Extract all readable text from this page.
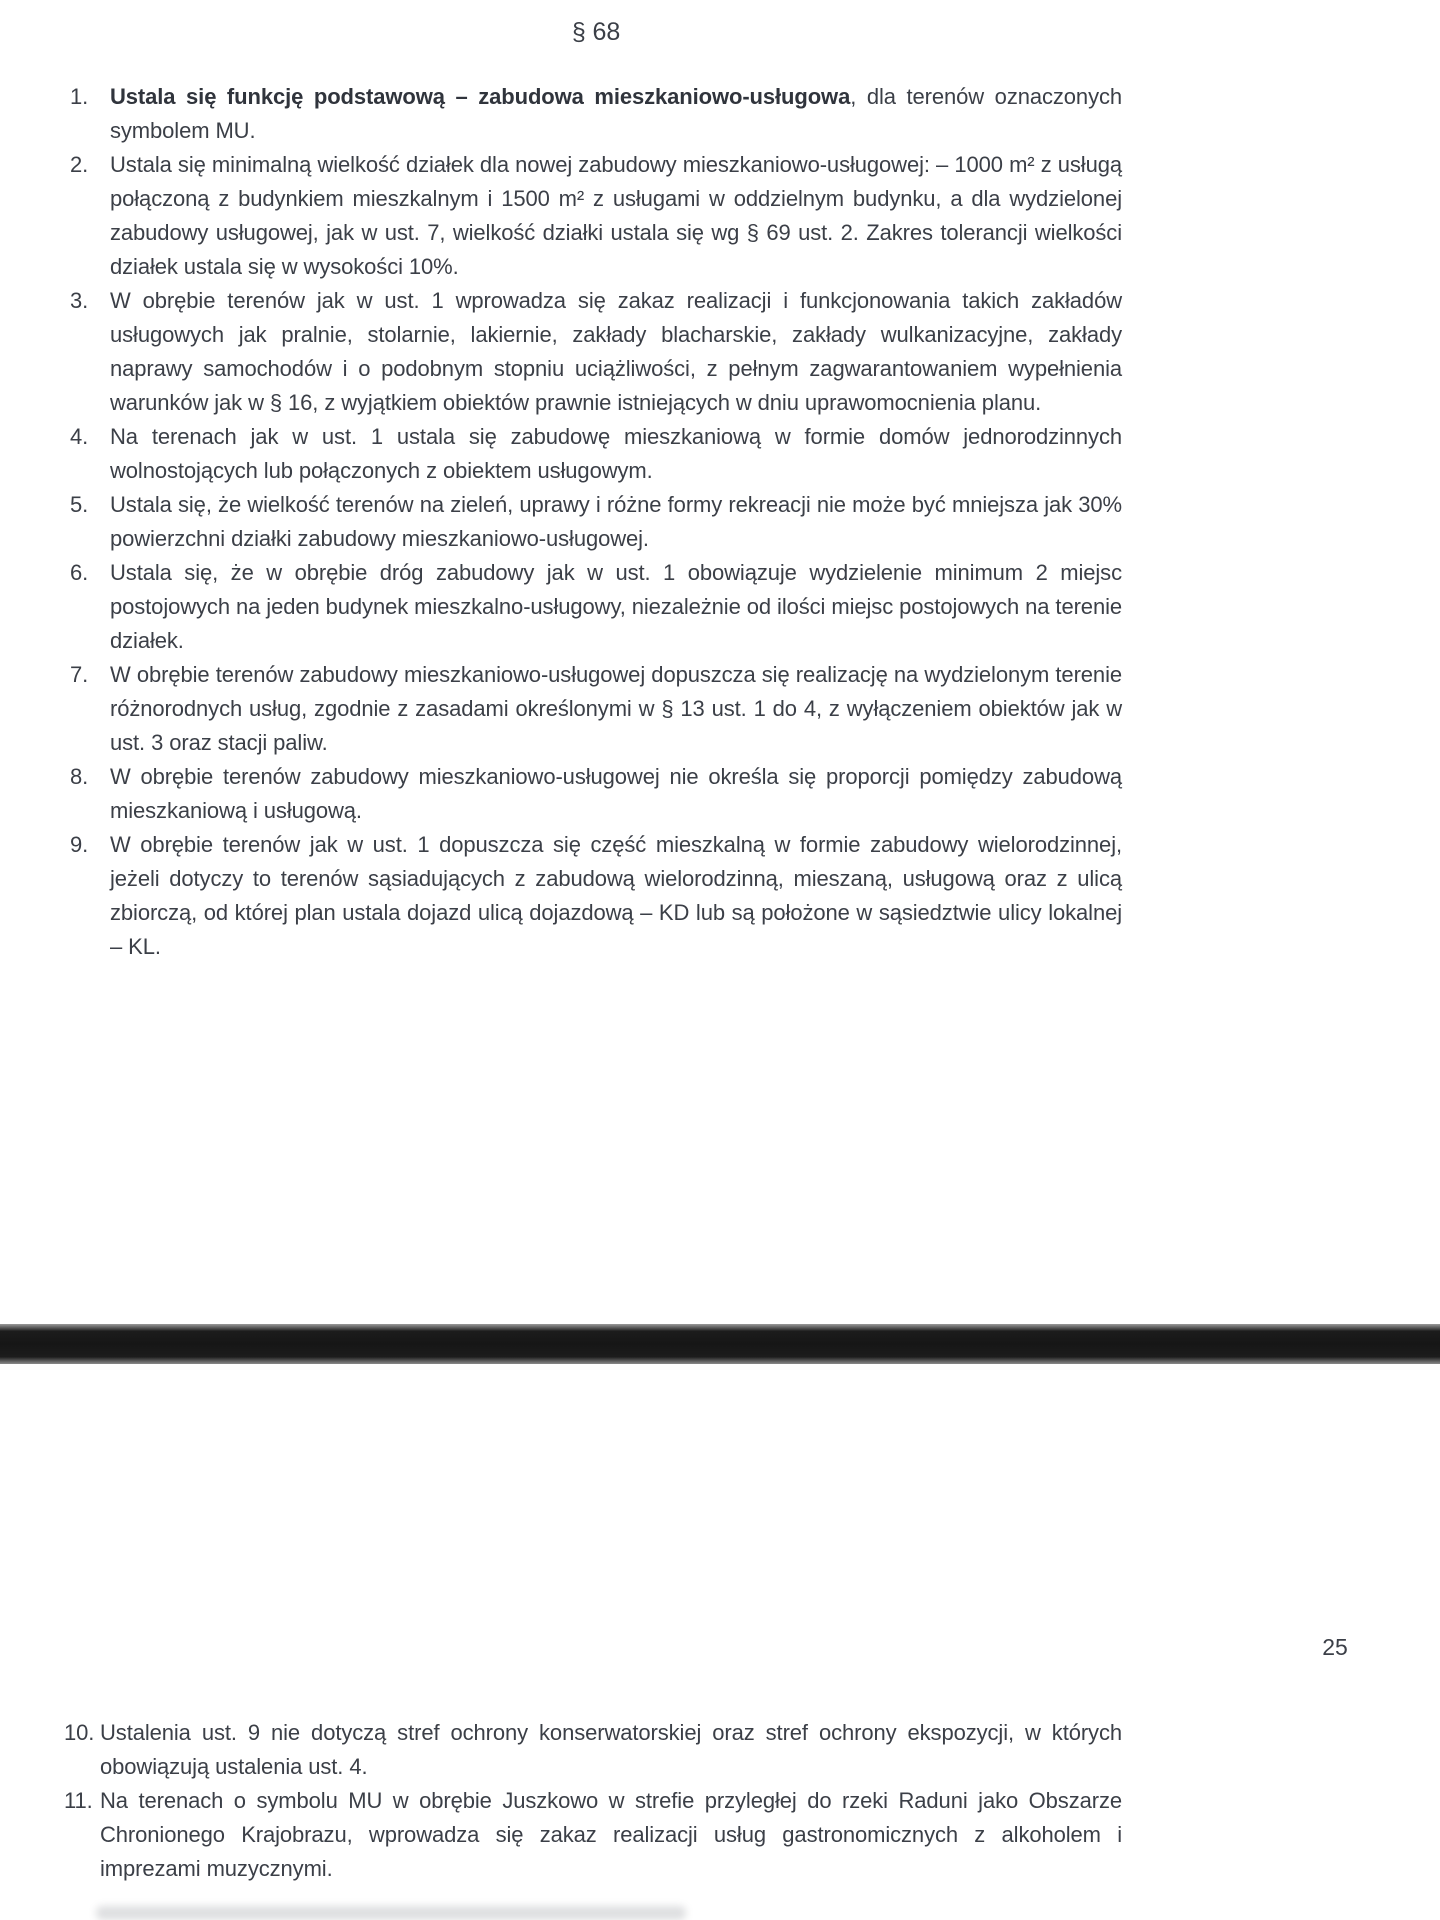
§ 68
1. Ustala się funkcję podstawową – zabudowa mieszkaniowo-usługowa, dla terenów oznaczonych symbolem MU.
2. Ustala się minimalną wielkość działek dla nowej zabudowy mieszkaniowo-usługowej: – 1000 m² z usługą połączoną z budynkiem mieszkalnym i 1500 m² z usługami w oddzielnym budynku, a dla wydzielonej zabudowy usługowej, jak w ust. 7, wielkość działki ustala się wg § 69 ust. 2. Zakres tolerancji wielkości działek ustala się w wysokości 10%.
3. W obrębie terenów jak w ust. 1 wprowadza się zakaz realizacji i funkcjonowania takich zakładów usługowych jak pralnie, stolarnie, lakiernie, zakłady blacharskie, zakłady wulkanizacyjne, zakłady naprawy samochodów i o podobnym stopniu uciążliwości, z pełnym zagwarantowaniem wypełnienia warunków jak w § 16, z wyjątkiem obiektów prawnie istniejących w dniu uprawomocnienia planu.
4. Na terenach jak w ust. 1 ustala się zabudowę mieszkaniową w formie domów jednorodzinnych wolnostojących lub połączonych z obiektem usługowym.
5. Ustala się, że wielkość terenów na zieleń, uprawy i różne formy rekreacji nie może być mniejsza jak 30% powierzchni działki zabudowy mieszkaniowo-usługowej.
6. Ustala się, że w obrębie dróg zabudowy jak w ust. 1 obowiązuje wydzielenie minimum 2 miejsc postojowych na jeden budynek mieszkalno-usługowy, niezależnie od ilości miejsc postojowych na terenie działek.
7. W obrębie terenów zabudowy mieszkaniowo-usługowej dopuszcza się realizację na wydzielonym terenie różnorodnych usług, zgodnie z zasadami określonymi w § 13 ust. 1 do 4, z wyłączeniem obiektów jak w ust. 3 oraz stacji paliw.
8. W obrębie terenów zabudowy mieszkaniowo-usługowej nie określa się proporcji pomiędzy zabudową mieszkaniową i usługową.
9. W obrębie terenów jak w ust. 1 dopuszcza się część mieszkalną w formie zabudowy wielorodzinnej, jeżeli dotyczy to terenów sąsiadujących z zabudową wielorodzinną, mieszaną, usługową oraz z ulicą zbiorczą, od której plan ustala dojazd ulicą dojazdową – KD lub są położone w sąsiedztwie ulicy lokalnej – KL.
25
10. Ustalenia ust. 9 nie dotyczą stref ochrony konserwatorskiej oraz stref ochrony ekspozycji, w których obowiązują ustalenia ust. 4.
11. Na terenach o symbolu MU w obrębie Juszkowo w strefie przyległej do rzeki Raduni jako Obszarze Chronionego Krajobrazu, wprowadza się zakaz realizacji usług gastronomicznych z alkoholem i imprezami muzycznymi.
